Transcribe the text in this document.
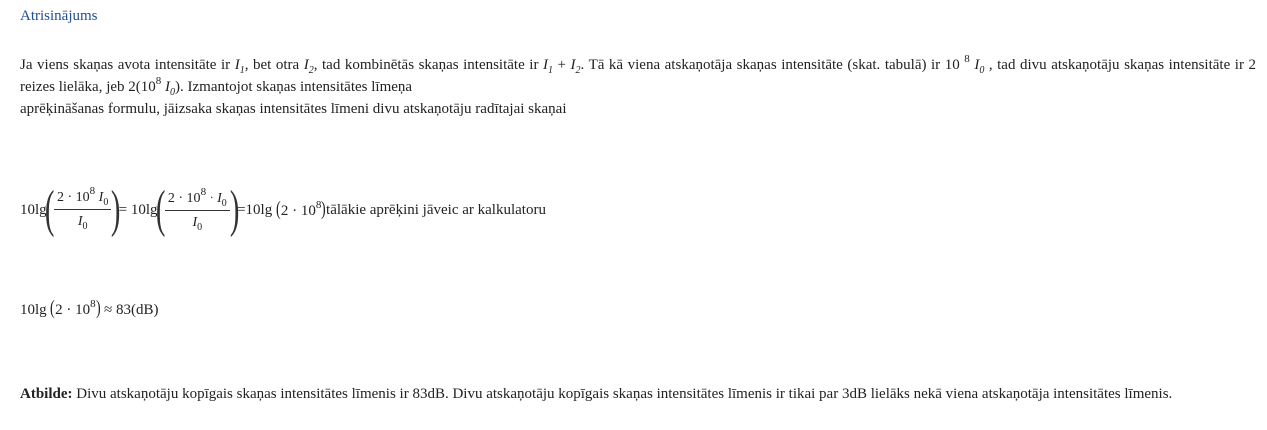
Atrisinājums
Ja viens skaņas avota intensitāte ir $I_1$, bet otra $I_2$, tad kombinētās skaņas intensitāte ir $I_1 + I_2$. Tā kā viena atskaņotāja skaņas intensitāte (skat. tabulā) ir 10 $^8$ $I_0$ , tad divu atskaņotāju skaņas intensitāte ir 2 reizes lielāka, jeb $2(10^8$ $I_0$). Izmantojot skaņas intensitātes līmeņa
aprēķināšanas formulu, jāizsaka skaņas intensitātes līmeni divu atskaņotāju radītajai skaņai
10lg
( $\frac{2 \cdot 10^8 I_0}{I_0}$ )
= 10lg
( $\frac{2 \cdot 10^8 \cdot I_0}{I_0}$ )
=10lg $(2 \cdot 10^8)$ tālākie aprēķini jāveic ar kalkulatoru
10lg $(2 \cdot 10^8) \approx 83(dB)$
Atbilde: Divu atskaņotāju kopīgais skaņas intensitātes līmenis ir 83dB. Divu atskaņotāju kopīgais skaņas intensitātes līmenis ir tikai par 3dB lielāks nekā viena atskaņotāja intensitātes līmenis.
